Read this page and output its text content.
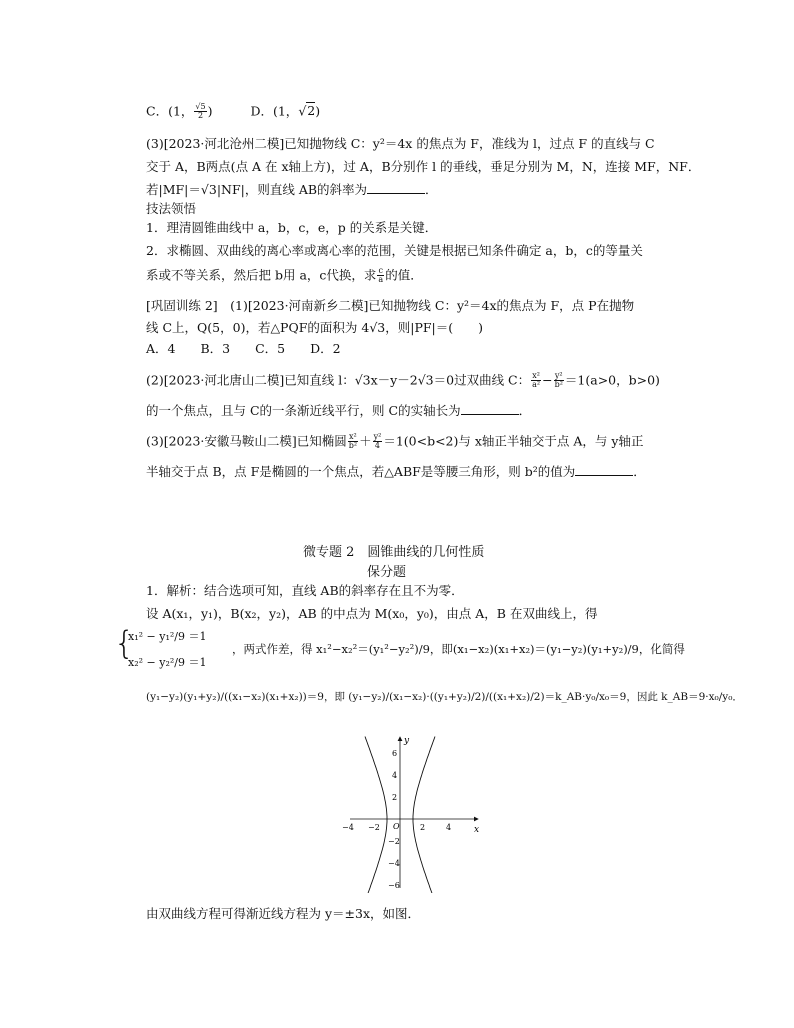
C．(1， $\frac{√5}{2}$ )	D．(1，√2)
(3)[2023·河北沧州二模]已知抛物线 C：y²＝4x 的焦点为 F，准线为 l，过点 F 的直线与 C
交于 A，B两点(点 A 在 x轴上方)，过 A，B分别作 l 的垂线，垂足分别为 M，N，连接 MF，NF．
若|MF|＝√3|NF|，则直线 AB的斜率为	．
技法领悟
1．理清圆锥曲线中 a，b，c，e，p 的关系是关键．
2．求椭圆、双曲线的离心率或离心率的范围，关键是根据已知条件确定 a，b，c的等量关
系或不等关系，然后把 b用 a，c代换，求 $\frac{c}{a}$ 的值．
[巩固训练 2]　(1)[2023·河南新乡二模]已知抛物线 C：y²＝4x的焦点为 F，点 P在抛物
线 C上，Q(5，0)，若△PQF的面积为 4√3，则|PF|＝(　　)
A．4　　B．3　　C．5　　D．2
(2)[2023·河北唐山二模]已知直线 l：√3x－y－2√3＝0过双曲线 C： $\frac{\text{x²}}{\text{a²}} - \frac{\text{y²}}{\text{b²}} =1(a>0$，b>0)
的一个焦点，且与 C的一条渐近线平行，则 C的实轴长为	．
(3)[2023·安徽马鞍山二模]已知椭圆 $\frac{\text{x²}}{\text{b²}} + \frac{\text{y²}}{4} =1(0<b<2)$与 x轴正半轴交于点 A，与 y轴正
半轴交于点 B，点 F是椭圆的一个焦点，若△ABF是等腰三角形，则 b²的值为	．
微专题 2　圆锥曲线的几何性质
保分题
1．解析：结合选项可知，直线 AB的斜率存在且不为零．
设 A(x₁，y₁)，B(x₂，y₂)，AB 的中点为 M(x₀，y₀)，由点 A，B 在双曲线上，得
{
x₁² − y₁²/9 ＝1
x₂² − y₂²/9 ＝1
，两式作差，得 x₁²−x₂²＝(y₁²−y₂²)/9，即(x₁−x₂)(x₁+x₂)＝(y₁−y₂)(y₁+y₂)/9，化简得
(y₁−y₂)(y₁+y₂)/((x₁−x₂)(x₁+x₂))＝9，即 (y₁−y₂)/(x₁−x₂)·((y₁+y₂)/2)/((x₁+x₂)/2)＝k_AB·y₀/x₀＝9，因此 k_AB＝9·x₀/y₀．
−4 −2	2	4
6
4
2
−2
−4
−6
x
y
O
由双曲线方程可得渐近线方程为 y＝±3x，如图．
